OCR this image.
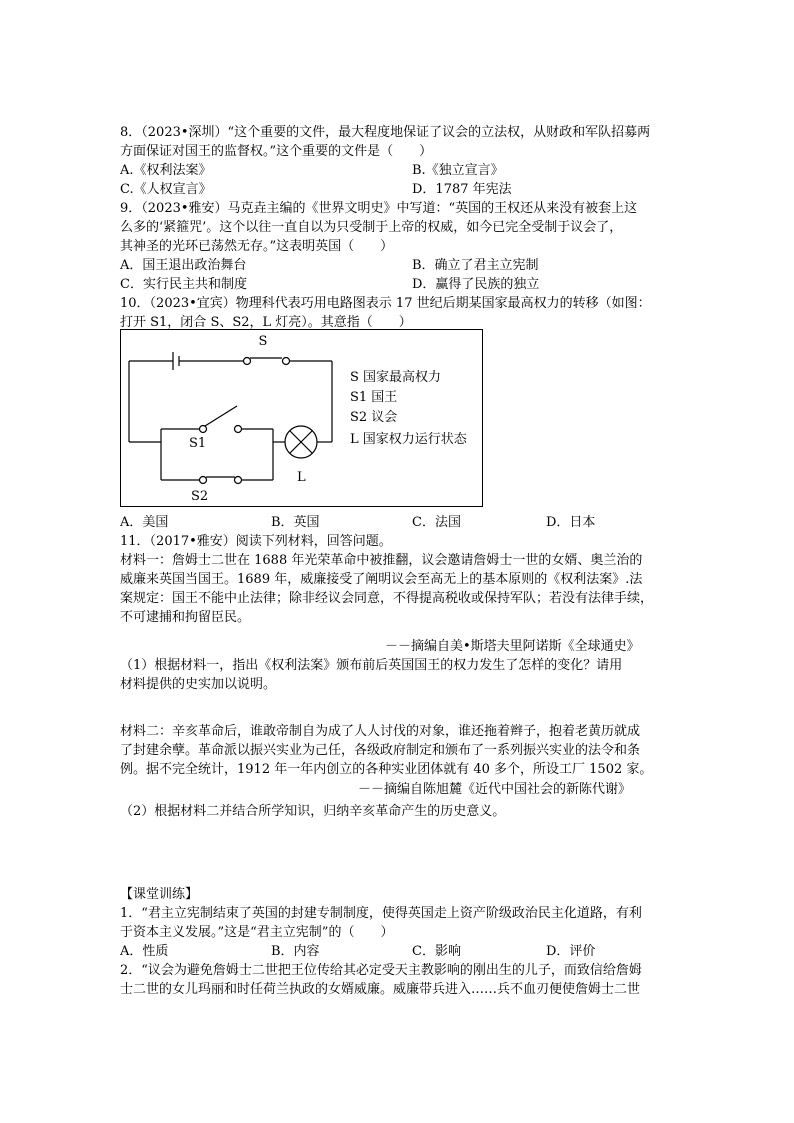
8．（2023•深圳）“这个重要的文件，最大程度地保证了议会的立法权，从财政和军队招募两
方面保证对国王的监督权。”这个重要的文件是（　　）
A.《权利法案》	B.《独立宣言》
C.《人权宣言》	D．1787 年宪法
9．（2023•雅安）马克垚主编的《世界文明史》中写道：“英国的王权还从来没有被套上这
么多的‘紧箍咒’。这个以往一直自以为只受制于上帝的权威，如今已完全受制于议会了，
其神圣的光环已荡然无存。”这表明英国（　　）
A．国王退出政治舞台	B．确立了君主立宪制
C．实行民主共和制度	D．赢得了民族的独立
10．（2023•宜宾）物理科代表巧用电路图表示 17 世纪后期某国家最高权力的转移（如图：
打开 S1，闭合 S、S2，L 灯亮）。其意指（　　）
S
S1
S2
L
S 国家最高权力
S1 国王
S2 议会
L 国家权力运行状态
A．美国	B．英国	C．法国	D．日本
11．（2017•雅安）阅读下列材料，回答问题。
材料一：詹姆士二世在 1688 年光荣革命中被推翻，议会邀请詹姆士一世的女婿、奥兰治的
威廉来英国当国王。1689 年，威廉接受了阐明议会至高无上的基本原则的《权利法案》.法
案规定：国王不能中止法律；除非经议会同意，不得提高税收或保持军队；若没有法律手续，
不可逮捕和拘留臣民。
－－摘编自美•斯塔夫里阿诺斯《全球通史》
（1）根据材料一，指出《权利法案》颁布前后英国国王的权力发生了怎样的变化？请用
材料提供的史实加以说明。
材料二：辛亥革命后，谁敢帝制自为成了人人讨伐的对象，谁还拖着辫子，抱着老黄历就成
了封建余孽。革命派以振兴实业为己任，各级政府制定和颁布了一系列振兴实业的法令和条
例。据不完全统计，1912 年一年内创立的各种实业团体就有 40 多个，所设工厂 1502 家。
－－摘编自陈旭麓《近代中国社会的新陈代谢》
（2）根据材料二并结合所学知识，归纳辛亥革命产生的历史意义。
【课堂训练】
1．“君主立宪制结束了英国的封建专制制度，使得英国走上资产阶级政治民主化道路，有利
于资本主义发展。”这是“君主立宪制”的（　　）
A．性质	B．内容	C．影响	D．评价
2．“议会为避免詹姆士二世把王位传给其必定受天主教影响的刚出生的儿子，而致信给詹姆
士二世的女儿玛丽和时任荷兰执政的女婿威廉。威廉带兵进入……兵不血刃便使詹姆士二世
